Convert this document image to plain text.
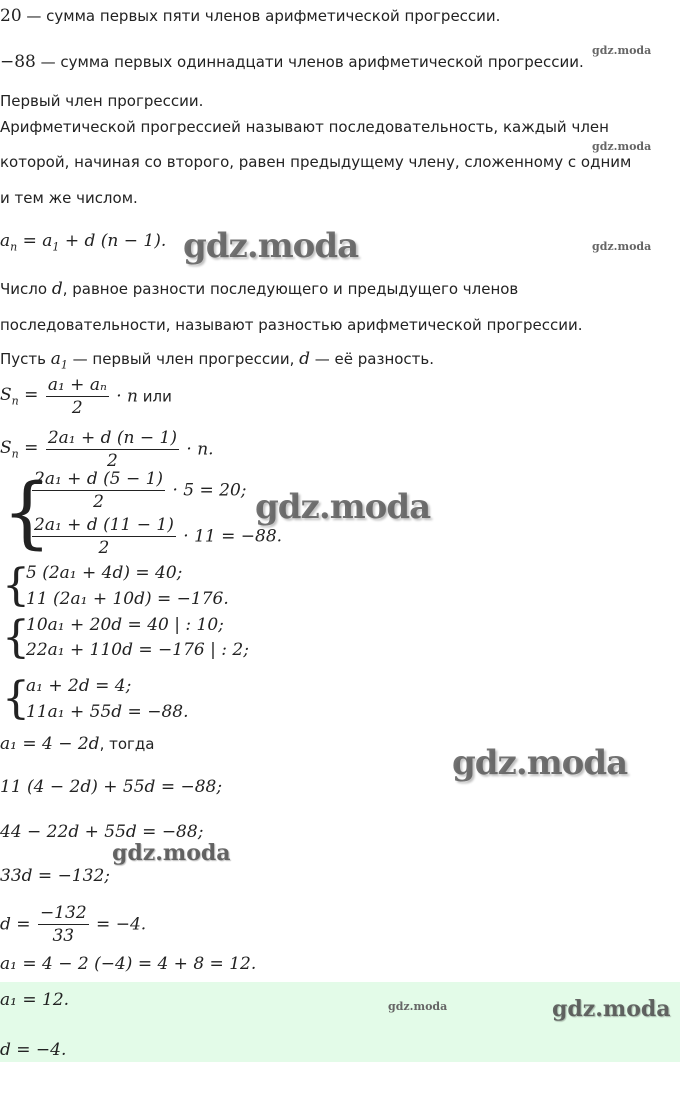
20 — сумма первых пяти членов арифметической прогрессии.
−88 — сумма первых одиннадцати членов арифметической прогрессии.
Первый член прогрессии.
Арифметической прогрессией называют последовательность, каждый член
которой, начиная со второго, равен предыдущему члену, сложенному с одним
и тем же числом.
$a_n = a_1 + d$ (n − 1).
Число d, равное разности последующего и предыдущего членов
последовательности, называют разностью арифметической прогрессии.
Пусть $a_1$ — первый член прогрессии, d — её разность.
$S_n = \frac{\text{a₁ + aₙ}}{2} \cdot n$ или
$S_n = \frac{\text{2a₁ + d (n − 1)}}{2} \cdot n$.
{
$\frac{\text{2a₁ + d (5 − 1)}}{2} \cdot 5 = 20$;
$\frac{\text{2a₁ + d (11 − 1)}}{2} \cdot 11 = -88$.
{
5 (2a₁ + 4d) = 40;
11 (2a₁ + 10d) = −176.
{
10a₁ + 20d = 40 | : 10;
22a₁ + 110d = −176 | : 2;
{
a₁ + 2d = 4;
11a₁ + 55d = −88.
a₁ = 4 − 2d, тогда
11 (4 − 2d) + 55d = −88;
44 − 22d + 55d = −88;
33d = −132;
$d = \frac{-132}{33} = -4$.
a₁ = 4 − 2 (−4) = 4 + 8 = 12.
a₁ = 12.
d = −4.
gdz.moda
gdz.moda
gdz.moda
gdz.moda
gdz.moda
gdz.moda
gdz.moda
gdz.moda
gdz.moda
